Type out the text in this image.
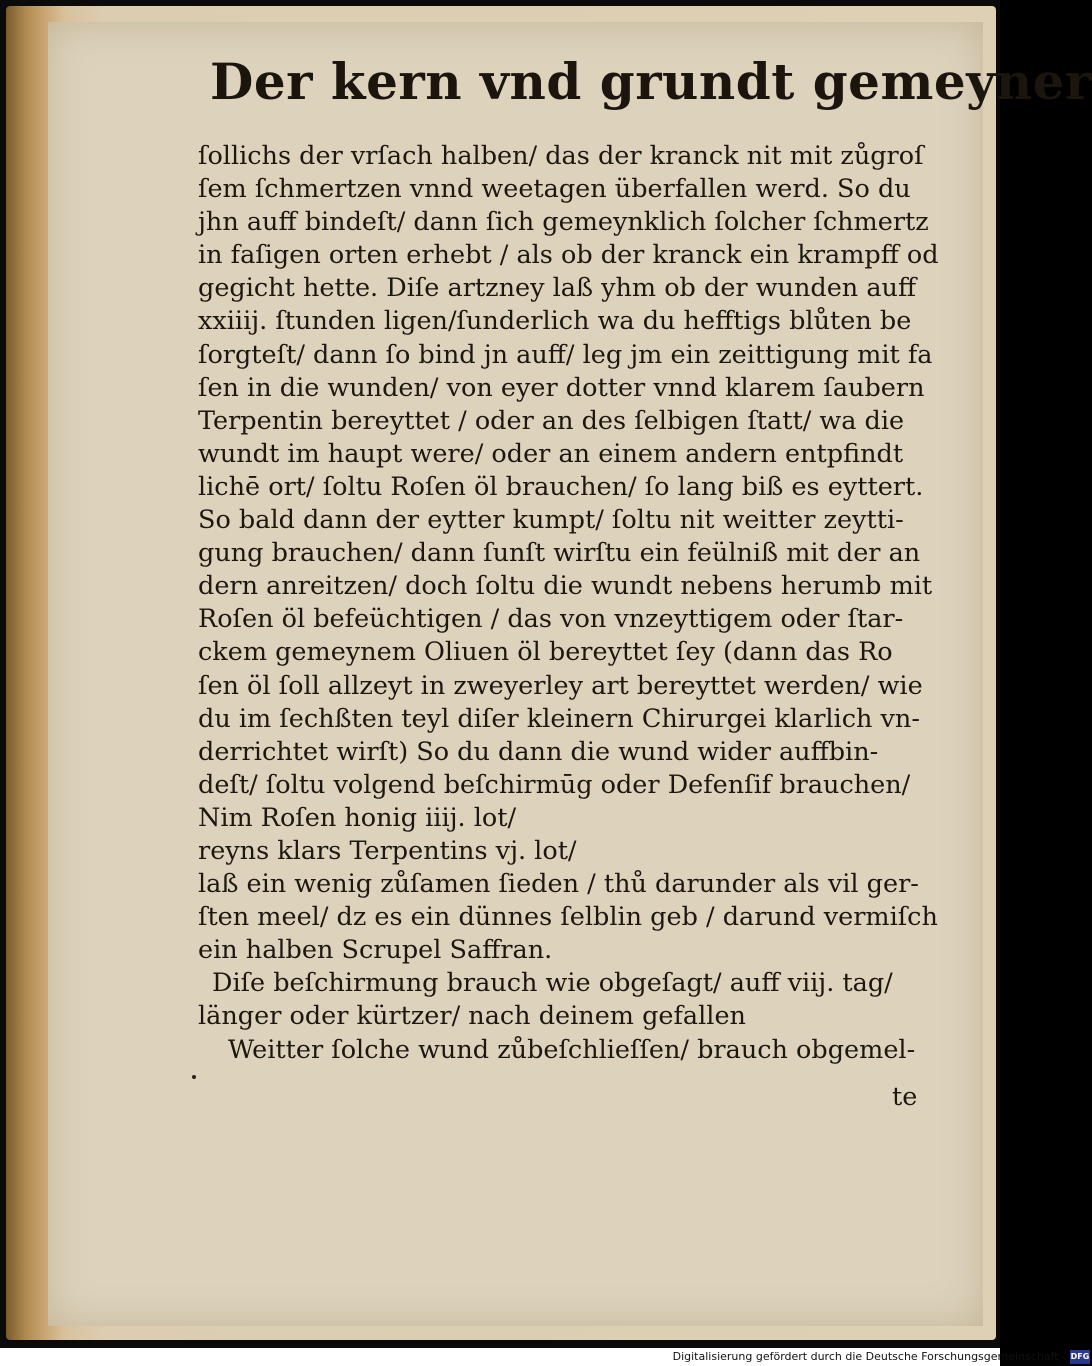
Der kern vnd grundt gemeyner
ſollichs der vrſach halben/ das der kranck nit mit zůgroſ
ſem ſchmertzen vnnd weetagen überfallen werd. So du
jhn auff bindeſt/ dann ſich gemeynklich ſolcher ſchmertz
in faſigen orten erhebt / als ob der kranck ein krampff od
gegicht hette. Diſe artzney laß yhm ob der wunden auff
xxiiij. ſtunden ligen/ſunderlich wa du hefftigs blůten be
ſorgteſt/ dann ſo bind jn auff/ leg jm ein zeittigung mit fa
ſen in die wunden/ von eyer dotter vnnd klarem ſaubern
Terpentin bereyttet / oder an des ſelbigen ſtatt/ wa die
wundt im haupt were/ oder an einem andern entpfindt
lichē ort/ ſoltu Roſen öl brauchen/ ſo lang biß es eyttert.
So bald dann der eytter kumpt/ ſoltu nit weitter zeytti-
gung brauchen/ dann ſunſt wirſtu ein feülniß mit der an
dern anreitzen/ doch ſoltu die wundt nebens herumb mit
Roſen öl befeüchtigen / das von vnzeyttigem oder ſtar-
ckem gemeynem Oliuen öl bereyttet ſey (dann das Ro
ſen öl ſoll allzeyt in zweyerley art bereyttet werden/ wie
du im ſechßten teyl diſer kleinern Chirurgei klarlich vn-
derrichtet wirſt) So du dann die wund wider auffbin-
deſt/ ſoltu volgend beſchirmūg oder Defenſif brauchen/
Nim Roſen honig iiij. lot/
reyns klars Terpentins vj. lot/
laß ein wenig zůſamen ſieden / thů darunder als vil ger-
ſten meel/ dz es ein dünnes ſelblin geb / darund vermiſch
ein halben Scrupel Saffran.
Diſe beſchirmung brauch wie obgeſagt/ auff viij. tag/
länger oder kürtzer/ nach deinem gefallen
Weitter ſolche wund zůbeſchlieſſen/ brauch obgemel-
te
Digitalisierung gefördert durch die Deutsche Forschungsgemeinschaft - DFG
